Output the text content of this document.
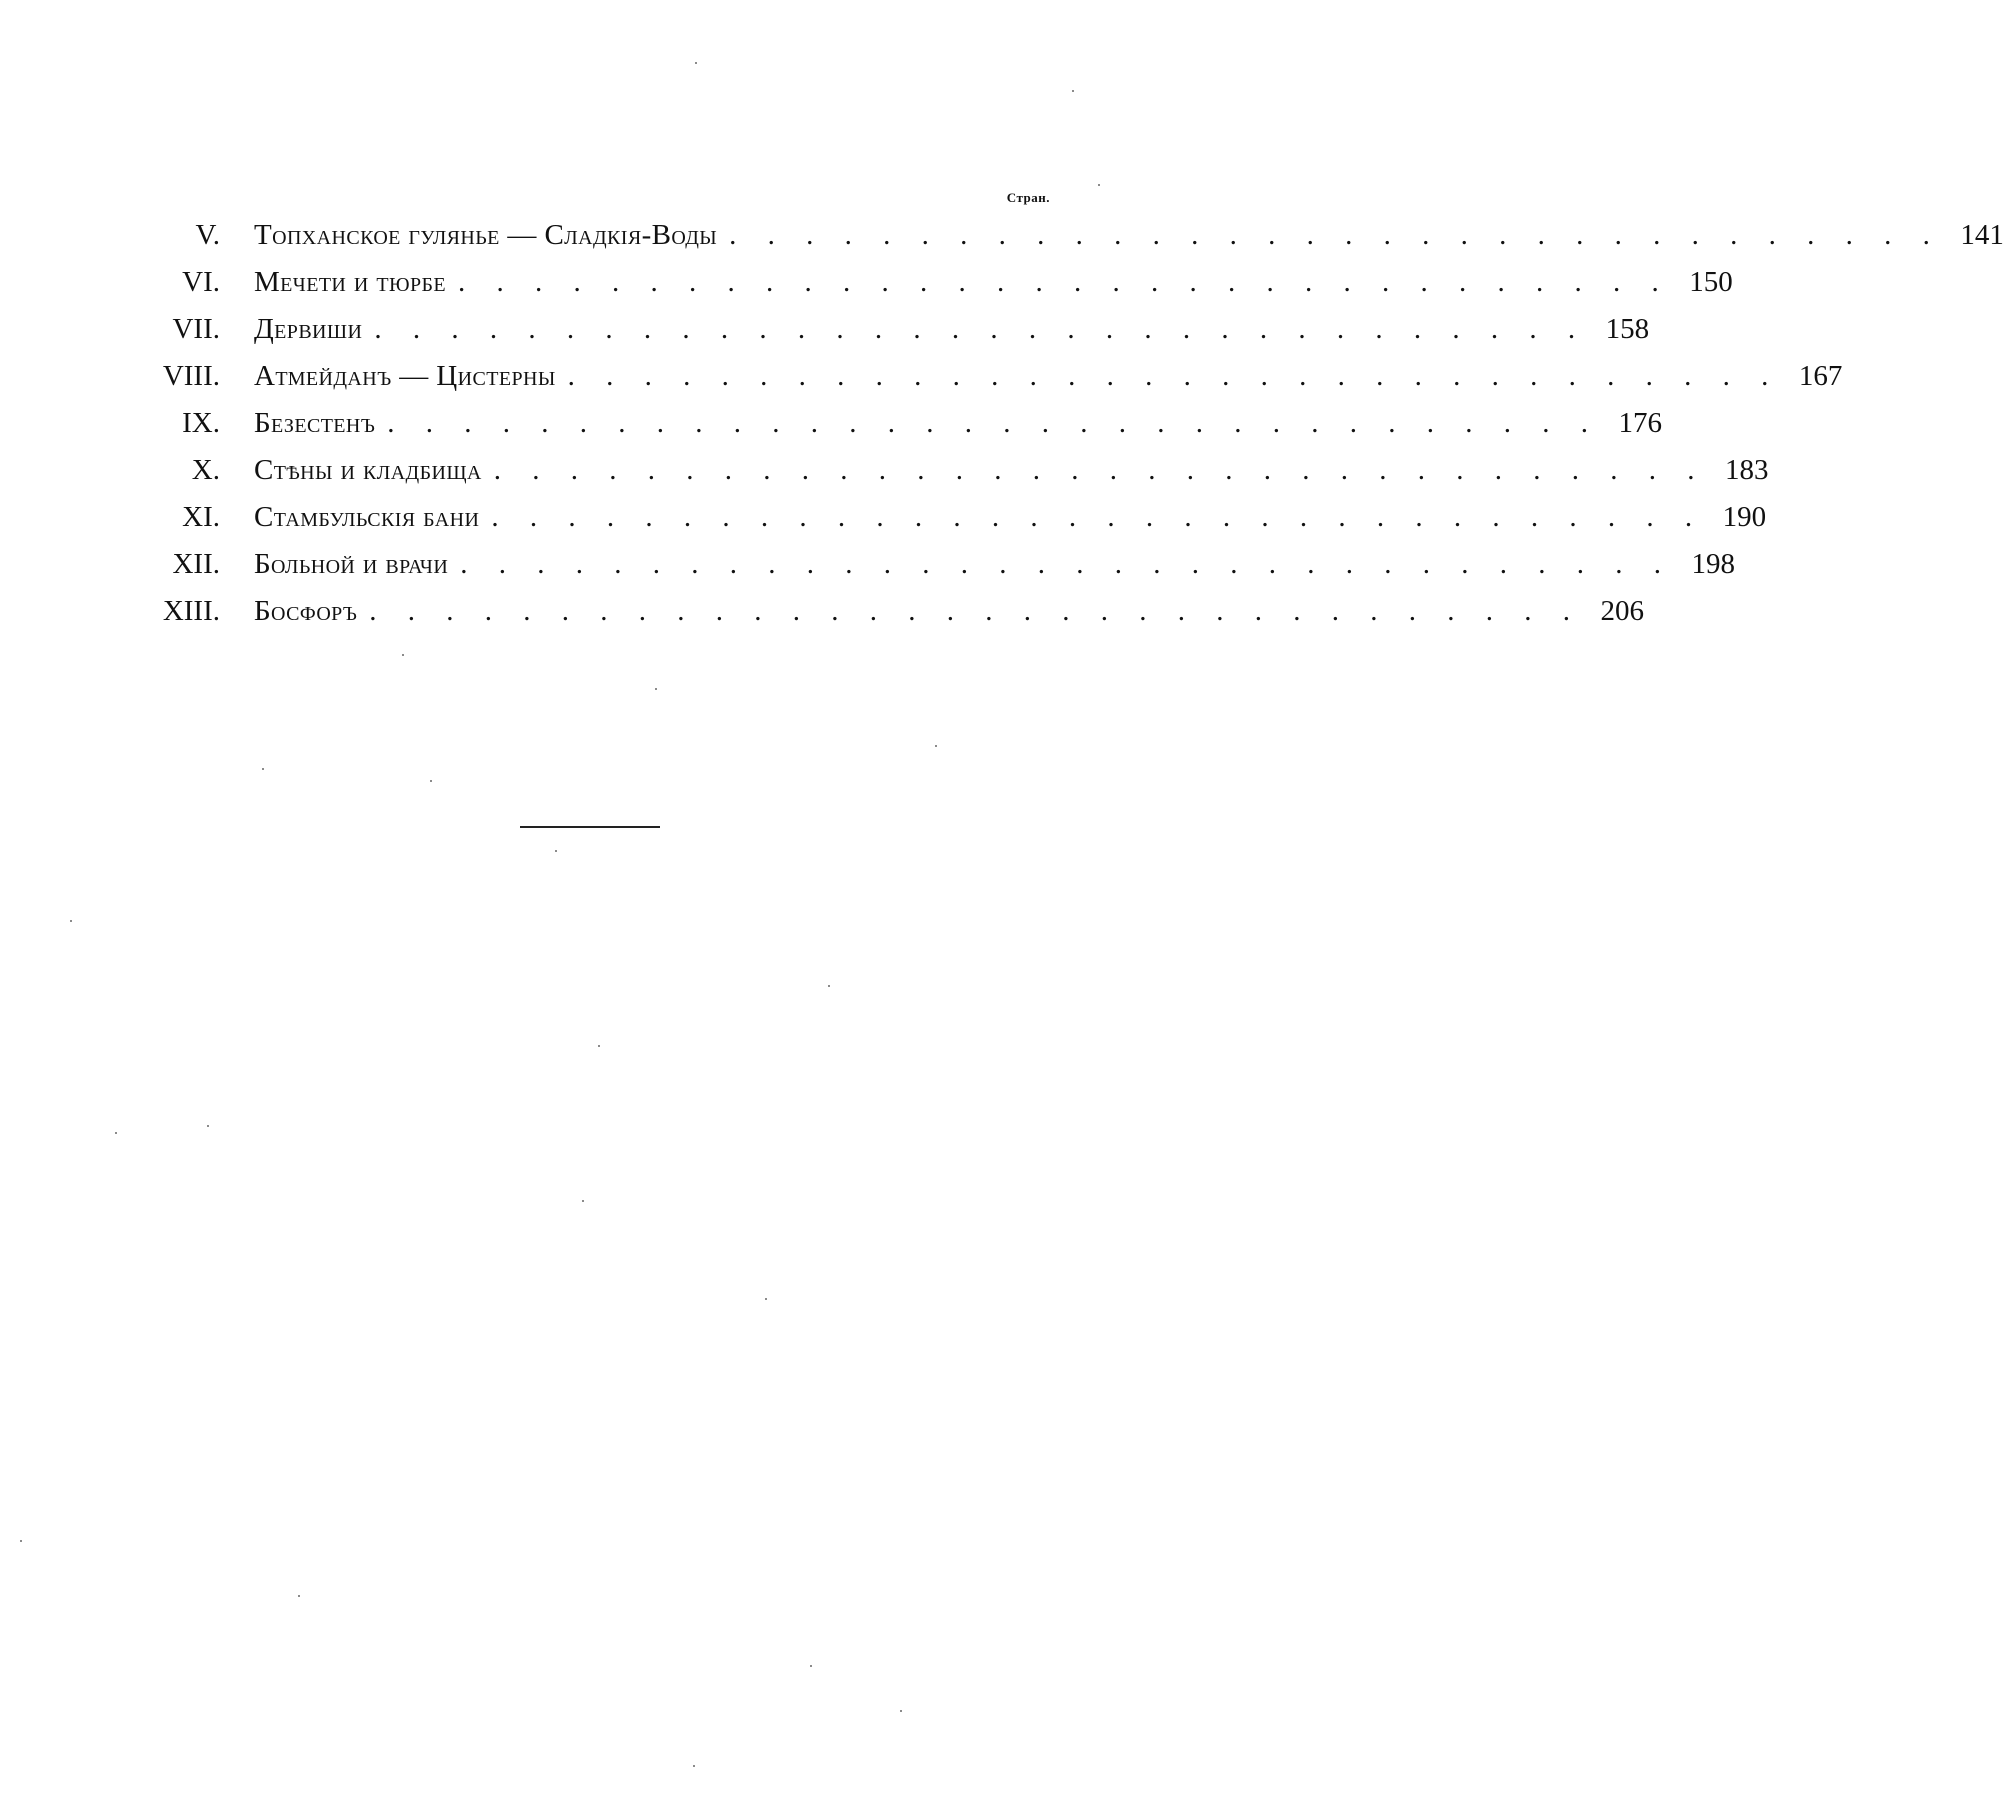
Стран.
V. Топханское гулянье — Сладкія-Воды . . . . . . . . . . . . . . . . . . . . . . . . . . . . . . . . 141
VI. Мечети и тюрбе . . . . . . . . . . . . . . . . . . . . . . . . . . . . . . . . 150
VII. Дервиши . . . . . . . . . . . . . . . . . . . . . . . . . . . . . . . . 158
VIII. Атмейданъ — Цистерны . . . . . . . . . . . . . . . . . . . . . . . . . . . . . . . . 167
IX. Безестенъ . . . . . . . . . . . . . . . . . . . . . . . . . . . . . . . . 176
X. Стѣны и кладбища . . . . . . . . . . . . . . . . . . . . . . . . . . . . . . . . 183
XI. Стамбульскія бани . . . . . . . . . . . . . . . . . . . . . . . . . . . . . . . . 190
XII. Больной и врачи . . . . . . . . . . . . . . . . . . . . . . . . . . . . . . . . 198
XIII. Босфоръ . . . . . . . . . . . . . . . . . . . . . . . . . . . . . . . . 206
